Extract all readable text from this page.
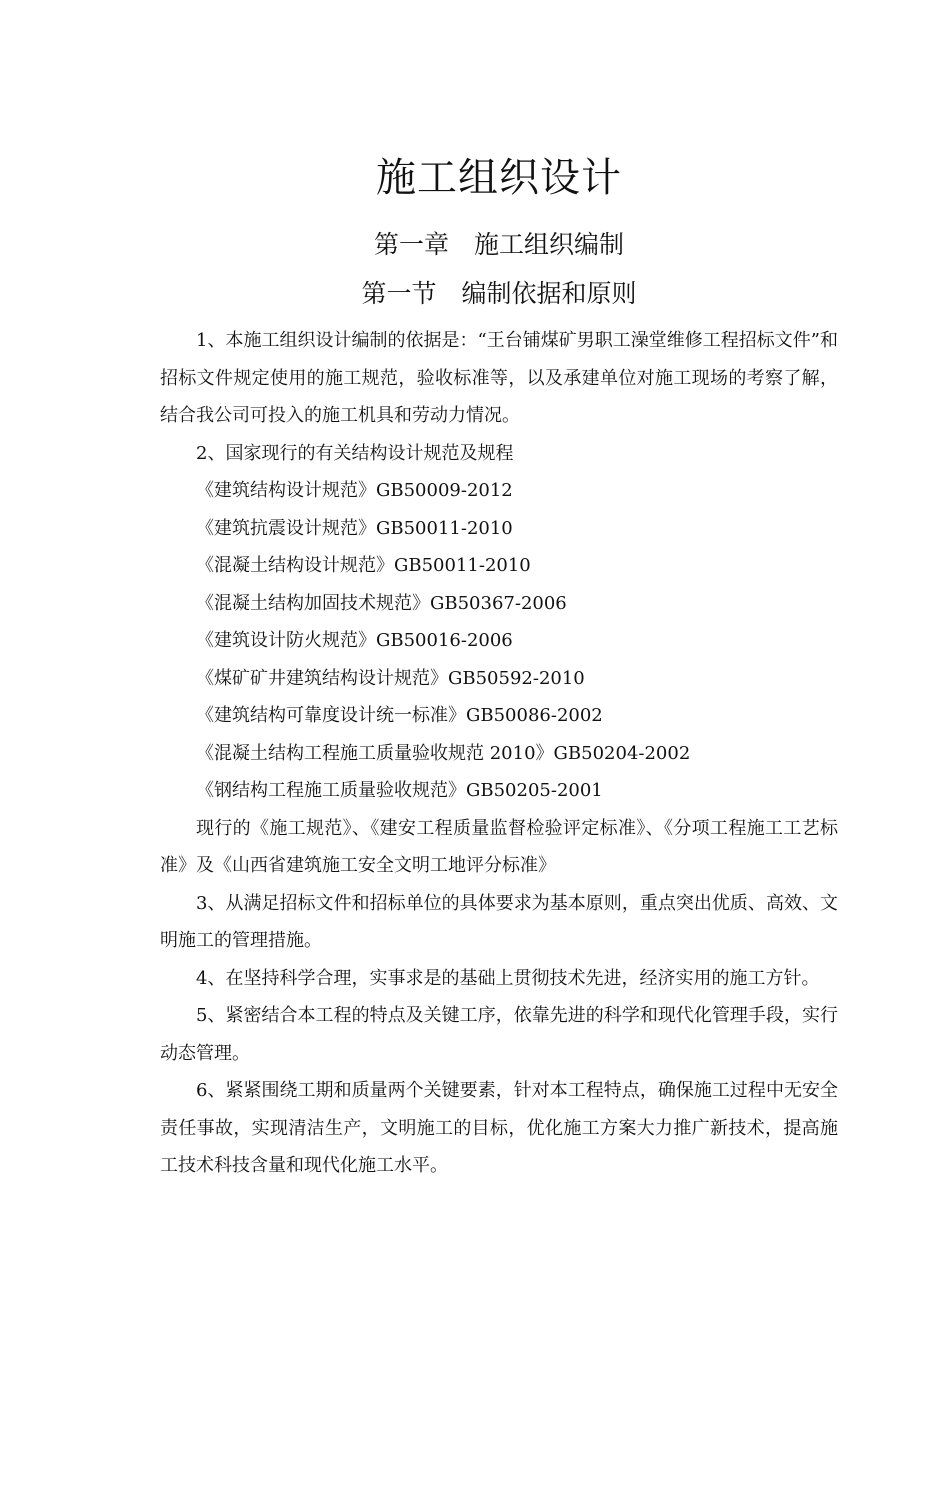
施工组织设计
第一章　施工组织编制
第一节　编制依据和原则

1、本施工组织设计编制的依据是：“王台铺煤矿男职工澡堂维修工程招标文件”和招标文件规定使用的施工规范，验收标准等，以及承建单位对施工现场的考察了解，结合我公司可投入的施工机具和劳动力情况。

2、国家现行的有关结构设计规范及规程

《建筑结构设计规范》GB50009-2012
《建筑抗震设计规范》GB50011-2010
《混凝土结构设计规范》GB50011-2010
《混凝土结构加固技术规范》GB50367-2006
《建筑设计防火规范》GB50016-2006
《煤矿矿井建筑结构设计规范》GB50592-2010
《建筑结构可靠度设计统一标准》GB50086-2002
《混凝土结构工程施工质量验收规范 2010》GB50204-2002
《钢结构工程施工质量验收规范》GB50205-2001

现行的《施工规范》、《建安工程质量监督检验评定标准》、《分项工程施工工艺标准》及《山西省建筑施工安全文明工地评分标准》

3、从满足招标文件和招标单位的具体要求为基本原则，重点突出优质、高效、文明施工的管理措施。

4、在坚持科学合理，实事求是的基础上贯彻技术先进，经济实用的施工方针。

5、紧密结合本工程的特点及关键工序，依靠先进的科学和现代化管理手段，实行动态管理。

6、紧紧围绕工期和质量两个关键要素，针对本工程特点，确保施工过程中无安全责任事故，实现清洁生产，文明施工的目标，优化施工方案大力推广新技术，提高施工技术科技含量和现代化施工水平。
